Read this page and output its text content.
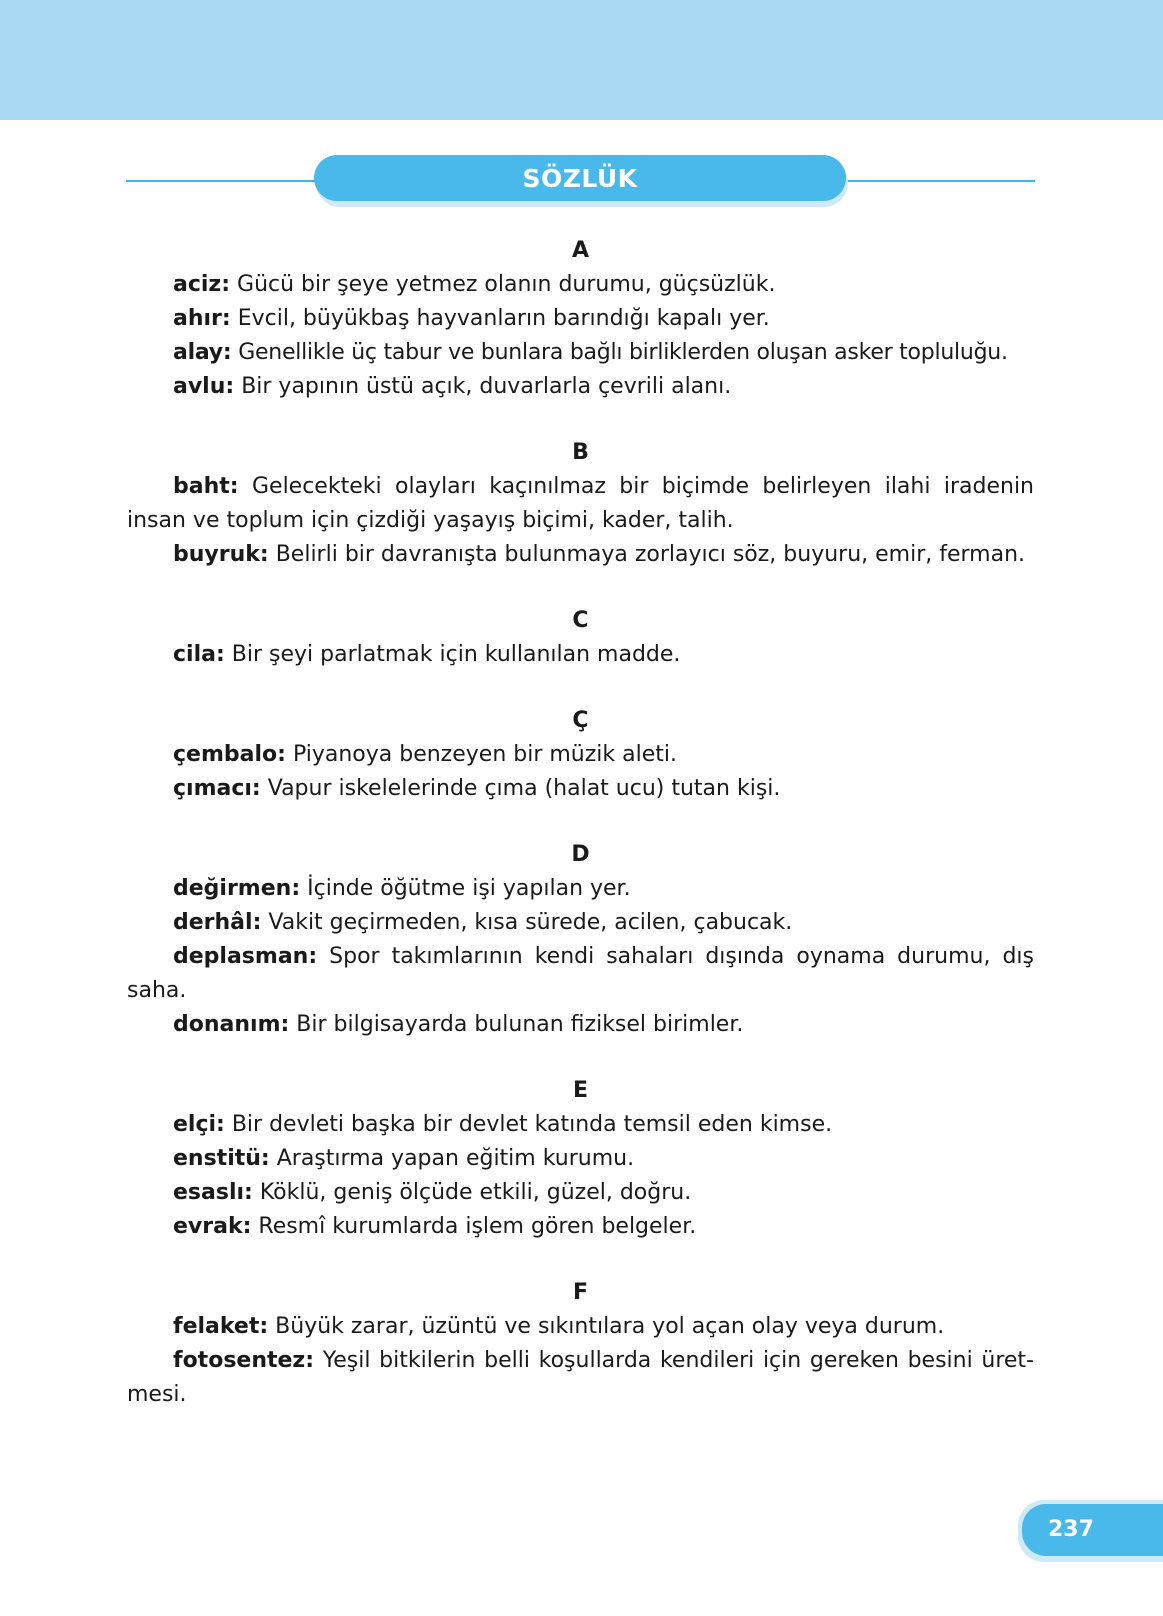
SÖZLÜK
A

aciz: Gücü bir şeye yetmez olanın durumu, güçsüzlük.

ahır: Evcil, büyükbaş hayvanların barındığı kapalı yer.

alay: Genellikle üç tabur ve bunlara bağlı birliklerden oluşan asker topluluğu.

avlu: Bir yapının üstü açık, duvarlarla çevrili alanı.

B

baht: Gelecekteki olayları kaçınılmaz bir biçimde belirleyen ilahi iradenin insan ve toplum için çizdiği yaşayış biçimi, kader, talih.

buyruk: Belirli bir davranışta bulunmaya zorlayıcı söz, buyuru, emir, ferman.

C

cila: Bir şeyi parlatmak için kullanılan madde.

Ç

çembalo: Piyanoya benzeyen bir müzik aleti.

çımacı: Vapur iskelelerinde çıma (halat ucu) tutan kişi.

D

değirmen: İçinde öğütme işi yapılan yer.

derhâl: Vakit geçirmeden, kısa sürede, acilen, çabucak.

deplasman: Spor takımlarının kendi sahaları dışında oynama durumu, dış saha.

donanım: Bir bilgisayarda bulunan fiziksel birimler.

E

elçi: Bir devleti başka bir devlet katında temsil eden kimse.

enstitü: Araştırma yapan eğitim kurumu.

esaslı: Köklü, geniş ölçüde etkili, güzel, doğru.

evrak: Resmî kurumlarda işlem gören belgeler.

F

felaket: Büyük zarar, üzüntü ve sıkıntılara yol açan olay veya durum.

fotosentez: Yeşil bitkilerin belli koşullarda kendileri için gereken besini üret-mesi.

237
